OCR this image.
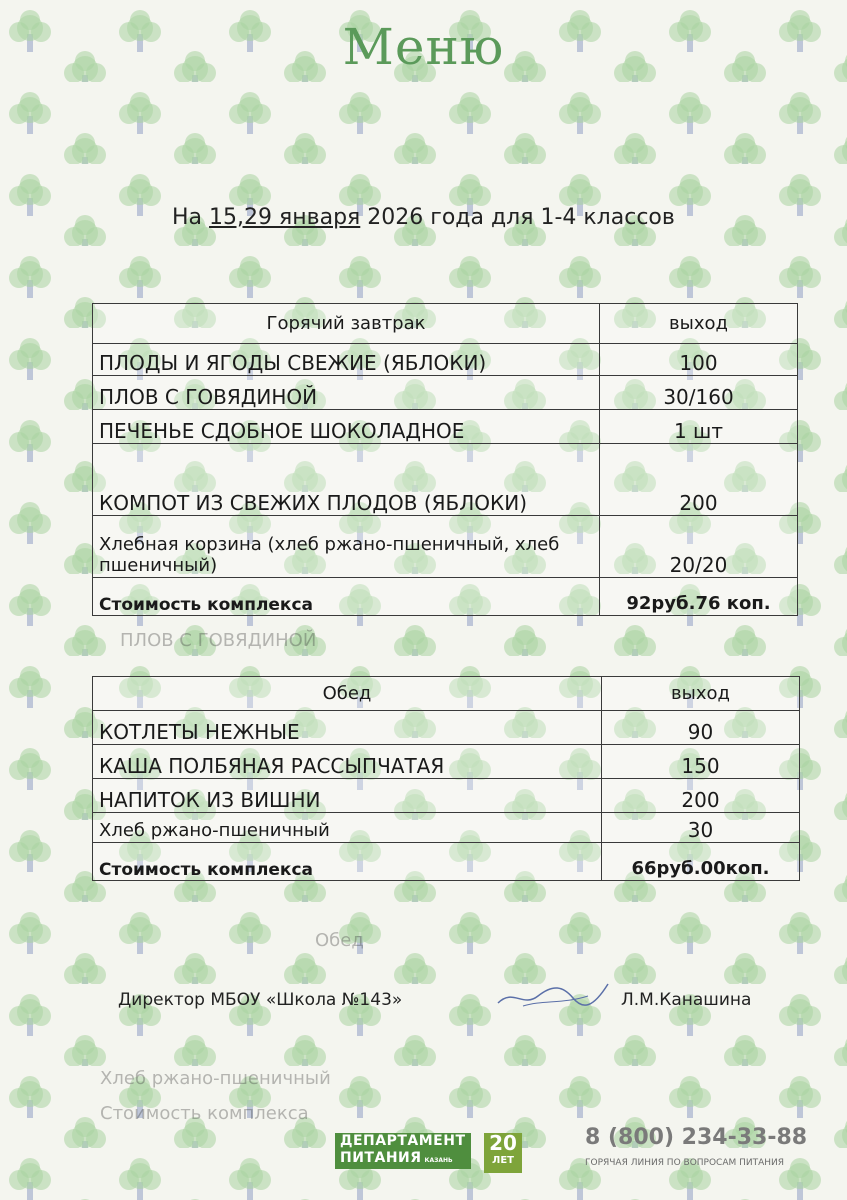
Меню
На 15,29 января 2026 года для 1-4 классов
Горячий завтрак	выход
ПЛОДЫ И ЯГОДЫ СВЕЖИЕ (ЯБЛОКИ)	100
ПЛОВ С ГОВЯДИНОЙ	30/160
ПЕЧЕНЬЕ СДОБНОЕ ШОКОЛАДНОЕ	1 шт
КОМПОТ ИЗ СВЕЖИХ ПЛОДОВ (ЯБЛОКИ)	200
Хлебная корзина (хлеб ржано-пшеничный, хлеб пшеничный)	20/20
Стоимость комплекса	92руб.76 коп.
ПЛОВ С ГОВЯДИНОЙ
Обед	выход
КОТЛЕТЫ НЕЖНЫЕ	90
КАША ПОЛБЯНАЯ РАССЫПЧАТАЯ	150
НАПИТОК ИЗ ВИШНИ	200
Хлеб ржано-пшеничный	30
Стоимость комплекса	66руб.00коп.
Обед
Директор МБОУ «Школа №143»	Л.М.Канашина
Хлеб ржано-пшеничный
Стоимость комплекса
ДЕПАРТАМЕНТ
ПИТАНИЯ КАЗАНЬ
20
ЛЕТ
8 (800) 234-33-88
ГОРЯЧАЯ ЛИНИЯ ПО ВОПРОСАМ ПИТАНИЯ
